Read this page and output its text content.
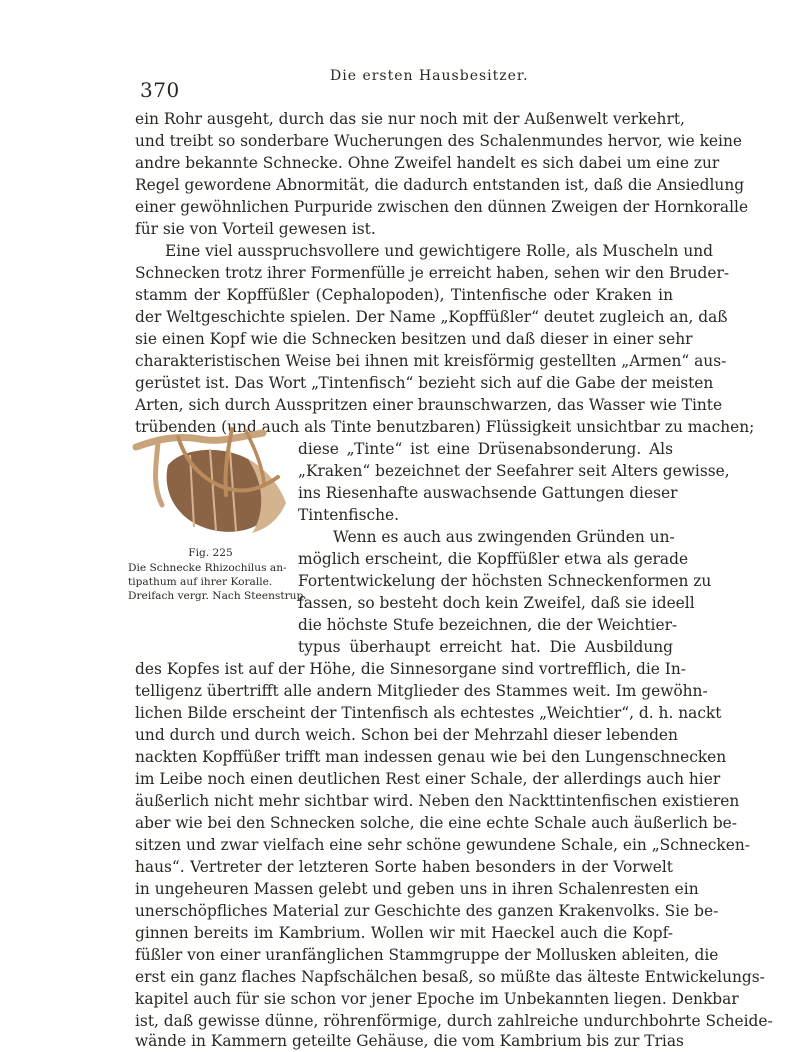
370
Die ersten Hausbesitzer.
ein Rohr ausgeht, durch das sie nur noch mit der Außenwelt verkehrt,
und treibt so sonderbare Wucherungen des Schalenmundes hervor, wie keine
andre bekannte Schnecke. Ohne Zweifel handelt es sich dabei um eine zur
Regel gewordene Abnormität, die dadurch entstanden ist, daß die Ansiedlung
einer gewöhnlichen Purpuride zwischen den dünnen Zweigen der Hornkoralle
für sie von Vorteil gewesen ist.
Eine viel ausspruchsvollere und gewichtigere Rolle, als Muscheln und
Schnecken trotz ihrer Formenfülle je erreicht haben, sehen wir den Bruder-
stamm der Kopffüßler (Cephalopoden), Tintenfische oder Kraken in
der Weltgeschichte spielen. Der Name „Kopffüßler“ deutet zugleich an, daß
sie einen Kopf wie die Schnecken besitzen und daß dieser in einer sehr
charakteristischen Weise bei ihnen mit kreisförmig gestellten „Armen“ aus-
gerüstet ist. Das Wort „Tintenfisch“ bezieht sich auf die Gabe der meisten
Arten, sich durch Ausspritzen einer braunschwarzen, das Wasser wie Tinte
trübenden (und auch als Tinte benutzbaren) Flüssigkeit unsichtbar zu machen;
diese „Tinte“ ist eine Drüsenabsonderung. Als
„Kraken“ bezeichnet der Seefahrer seit Alters gewisse,
ins Riesenhafte auswachsende Gattungen dieser
Tintenfische.
Wenn es auch aus zwingenden Gründen un-
möglich erscheint, die Kopffüßler etwa als gerade
Fortentwickelung der höchsten Schneckenformen zu
fassen, so besteht doch kein Zweifel, daß sie ideell
die höchste Stufe bezeichnen, die der Weichtier-
typus überhaupt erreicht hat. Die Ausbildung
des Kopfes ist auf der Höhe, die Sinnesorgane sind vortrefflich, die In-
telligenz übertrifft alle andern Mitglieder des Stammes weit. Im gewöhn-
lichen Bilde erscheint der Tintenfisch als echtestes „Weichtier“, d. h. nackt
und durch und durch weich. Schon bei der Mehrzahl dieser lebenden
nackten Kopffüßer trifft man indessen genau wie bei den Lungenschnecken
im Leibe noch einen deutlichen Rest einer Schale, der allerdings auch hier
äußerlich nicht mehr sichtbar wird. Neben den Nackttintenfischen existieren
aber wie bei den Schnecken solche, die eine echte Schale auch äußerlich be-
sitzen und zwar vielfach eine sehr schöne gewundene Schale, ein „Schnecken-
haus“. Vertreter der letzteren Sorte haben besonders in der Vorwelt
in ungeheuren Massen gelebt und geben uns in ihren Schalenresten ein
unerschöpfliches Material zur Geschichte des ganzen Krakenvolks. Sie be-
ginnen bereits im Kambrium. Wollen wir mit Haeckel auch die Kopf-
füßler von einer uranfänglichen Stammgruppe der Mollusken ableiten, die
erst ein ganz flaches Napfschälchen besaß, so müßte das älteste Entwickelungs-
kapitel auch für sie schon vor jener Epoche im Unbekannten liegen. Denkbar
ist, daß gewisse dünne, röhrenförmige, durch zahlreiche undurchbohrte Scheide-
wände in Kammern geteilte Gehäuse, die vom Kambrium bis zur Trias
Fig. 225
Die Schnecke Rhizochilus an-
tipathum auf ihrer Koralle.
Dreifach vergr. Nach Steenstrup.
